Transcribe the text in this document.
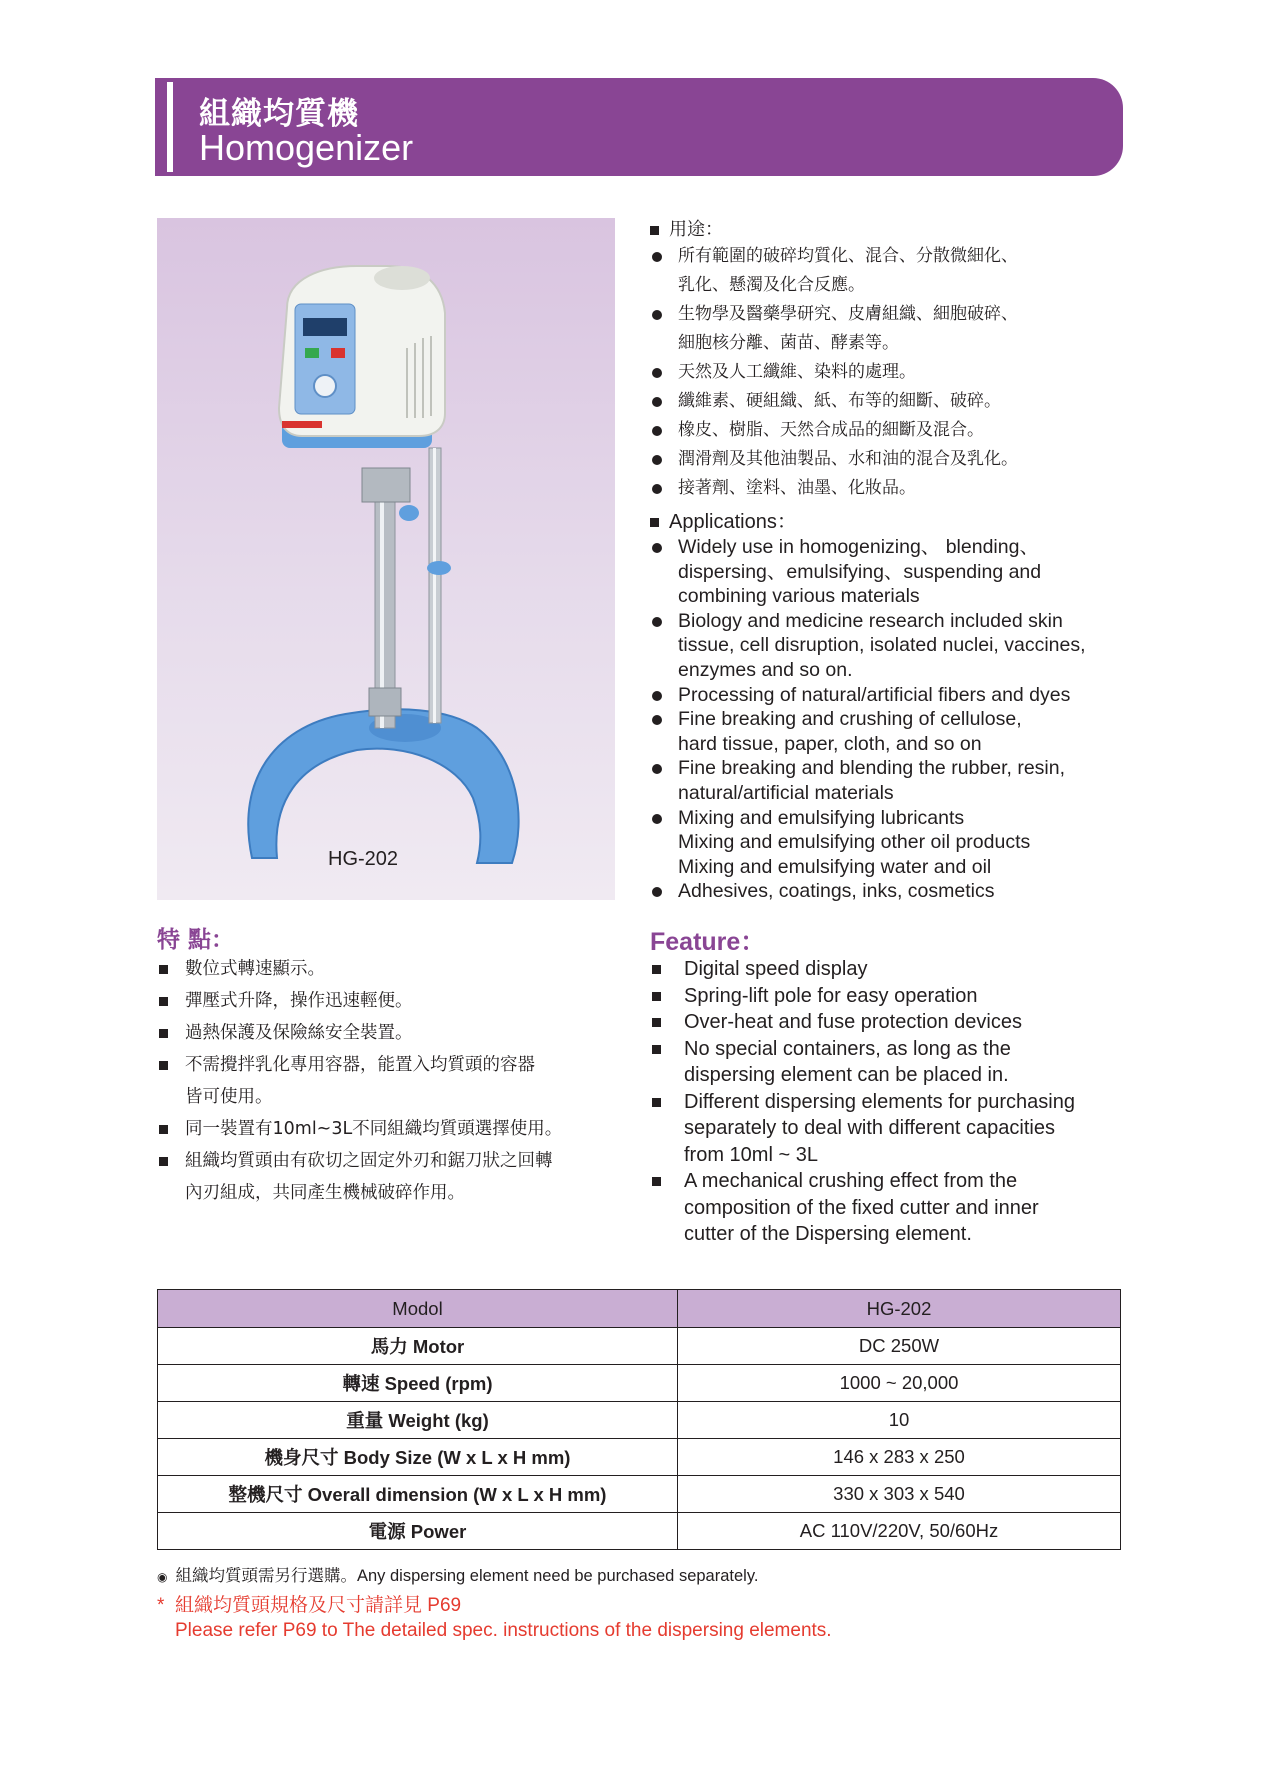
組織均質機
Homogenizer
HG-202
用途：
所有範圍的破碎均質化、混合、分散微細化、
乳化、懸濁及化合反應。
生物學及醫藥學研究、皮膚組織、細胞破碎、
細胞核分離、菌苗、酵素等。
天然及人工纖維、染料的處理。
纖維素、硬組織、紙、布等的細斷、破碎。
橡皮、樹脂、天然合成品的細斷及混合。
潤滑劑及其他油製品、水和油的混合及乳化。
接著劑、塗料、油墨、化妝品。
Applications：
Widely use in homogenizing、 blending、
dispersing、emulsifying、suspending and
combining various materials
Biology and medicine research included skin
tissue, cell disruption, isolated nuclei, vaccines,
enzymes and so on.
Processing of natural/artificial fibers and dyes
Fine breaking and crushing of cellulose,
hard tissue, paper, cloth, and so on
Fine breaking and blending the rubber, resin,
natural/artificial materials
Mixing and emulsifying lubricants
Mixing and emulsifying other oil products
Mixing and emulsifying water and oil
Adhesives, coatings, inks, cosmetics
特 點：	Feature：
數位式轉速顯示。
彈壓式升降，操作迅速輕便。
過熱保護及保險絲安全裝置。
不需攪拌乳化專用容器，能置入均質頭的容器
皆可使用。
同一裝置有10ml~3L不同組織均質頭選擇使用。
組織均質頭由有砍切之固定外刃和鋸刀狀之回轉
內刃組成，共同產生機械破碎作用。
Digital speed display
Spring-lift pole for easy operation
Over-heat and fuse protection devices
No special containers, as long as the
dispersing element can be placed in.
Different dispersing elements for purchasing
separately to deal with different capacities
from 10ml ~ 3L
A mechanical crushing effect from the
composition of the fixed cutter and inner
cutter of the Dispersing element.
Modol	HG-202
馬力 Motor	DC 250W
轉速 Speed (rpm)	1000 ~ 20,000
重量 Weight (kg)	10
機身尺寸 Body Size (W x L x H mm)	146 x 283 x 250
整機尺寸 Overall dimension (W x L x H mm)	330 x 303 x 540
電源 Power	AC 110V/220V, 50/60Hz
◉ 組織均質頭需另行選購。Any dispersing element need be purchased separately.
* 組織均質頭規格及尺寸請詳見 P69
Please refer P69 to The detailed spec. instructions of the dispersing elements.
